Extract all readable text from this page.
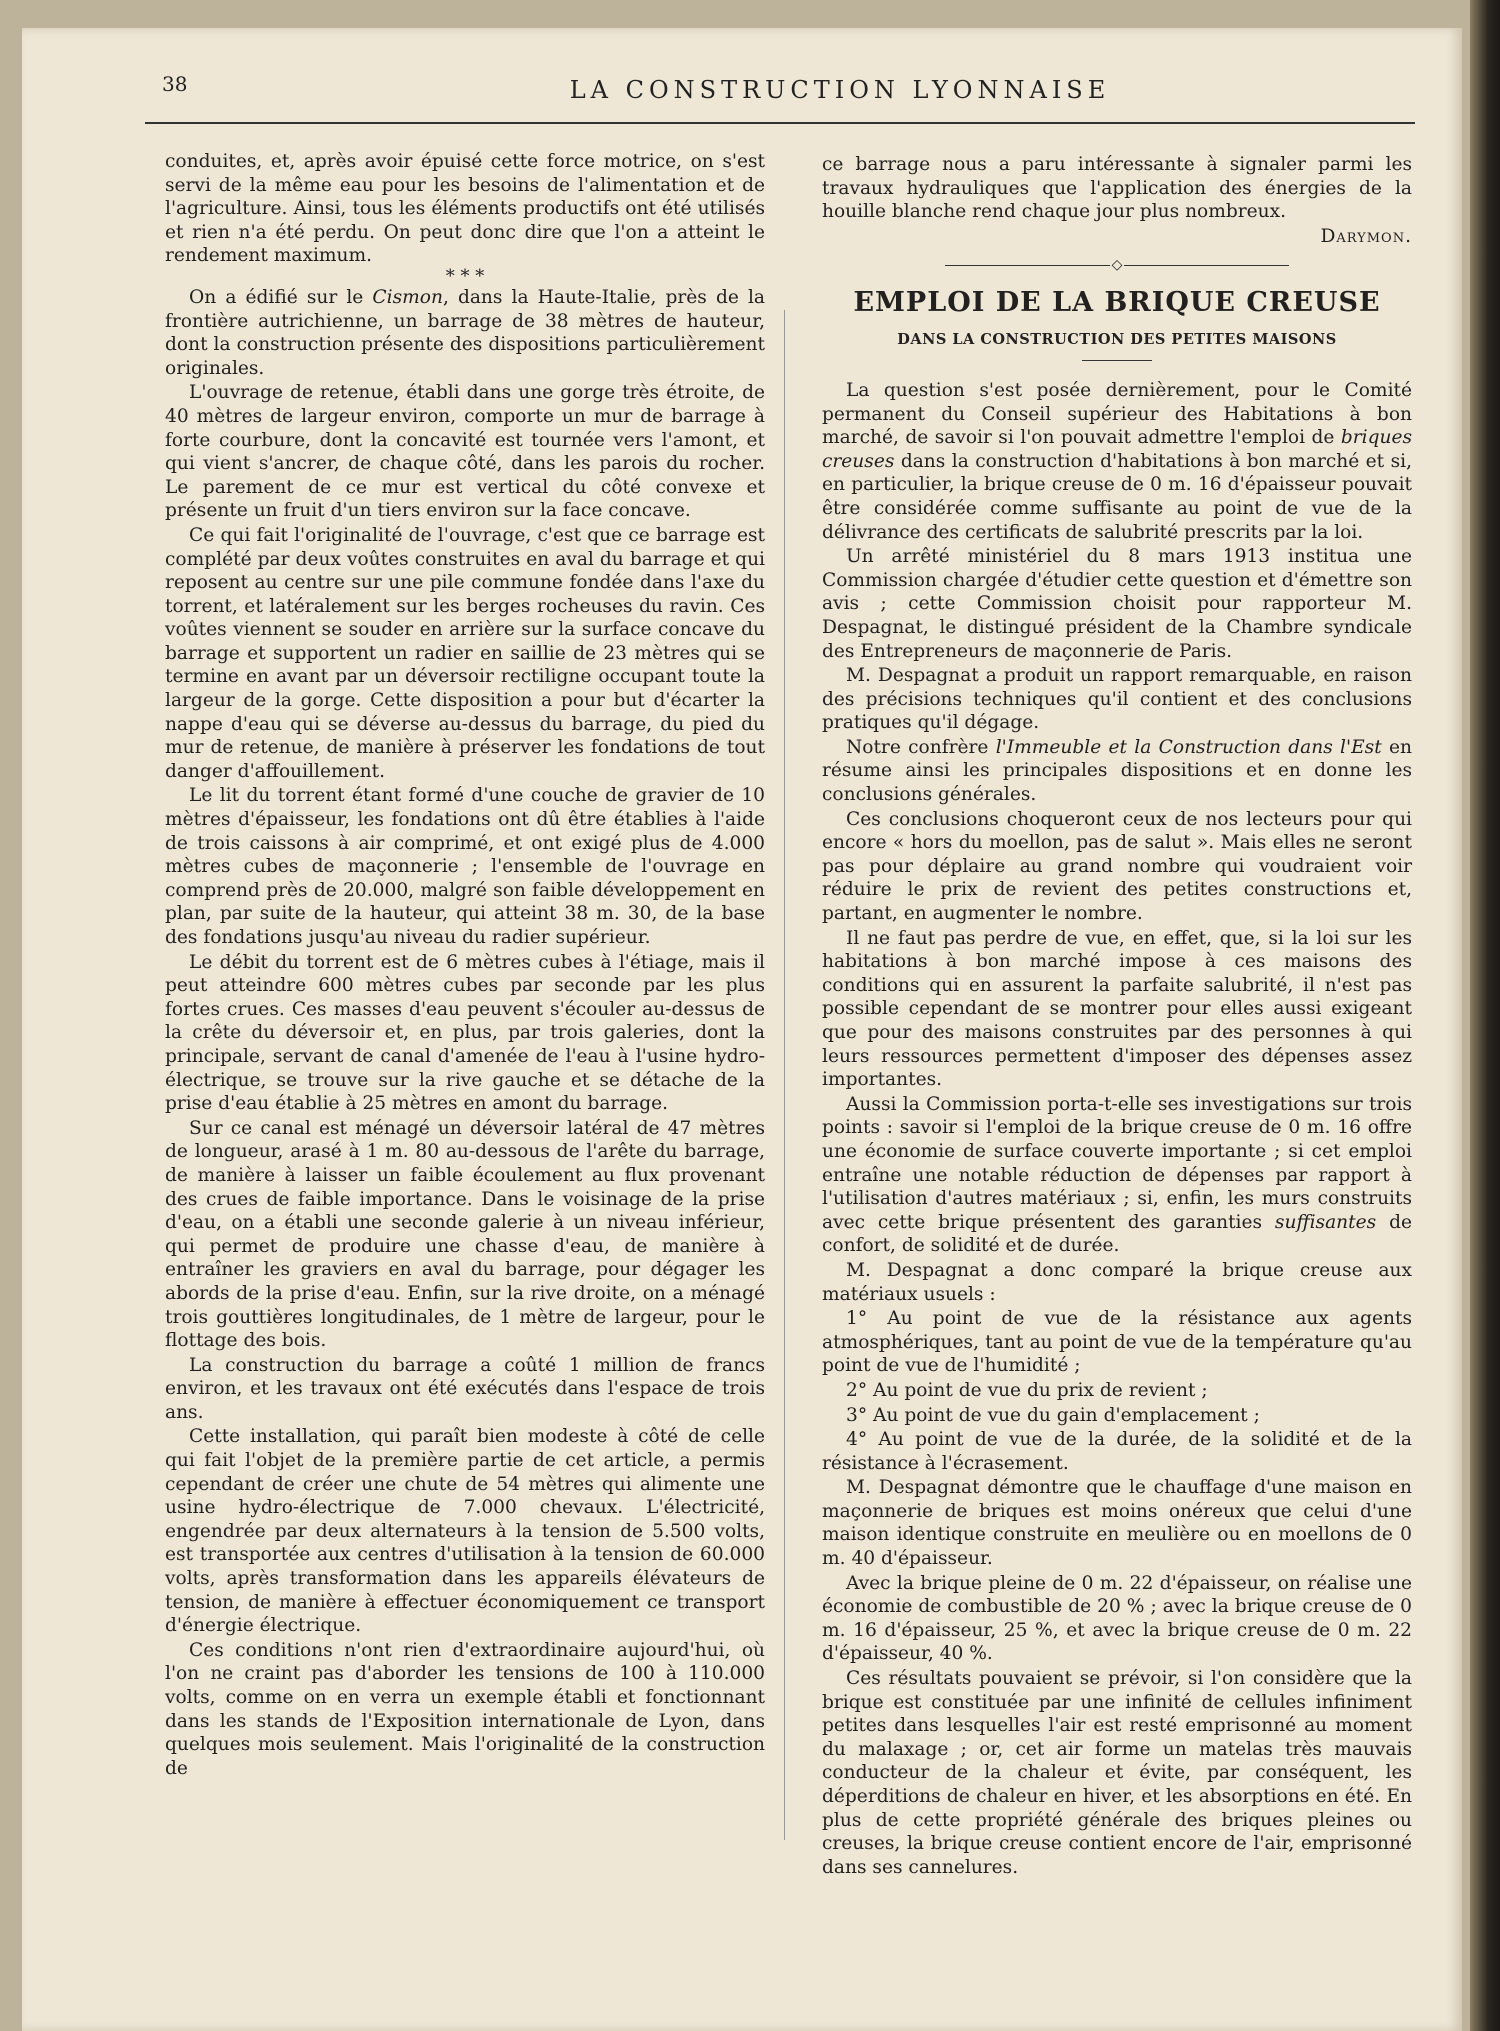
38	LA CONSTRUCTION LYONNAISE

conduites, et, après avoir épuisé cette force motrice, on s'est servi de la même eau pour les besoins de l'alimentation et de l'agriculture. Ainsi, tous les éléments productifs ont été utilisés et rien n'a été perdu. On peut donc dire que l'on a atteint le rendement maximum.

* * *

On a édifié sur le Cismon, dans la Haute-Italie, près de la frontière autrichienne, un barrage de 38 mètres de hauteur, dont la construction présente des dispositions particulièrement originales.

L'ouvrage de retenue, établi dans une gorge très étroite, de 40 mètres de largeur environ, comporte un mur de barrage à forte courbure, dont la concavité est tournée vers l'amont, et qui vient s'ancrer, de chaque côté, dans les parois du rocher. Le parement de ce mur est vertical du côté convexe et présente un fruit d'un tiers environ sur la face concave.

Ce qui fait l'originalité de l'ouvrage, c'est que ce barrage est complété par deux voûtes construites en aval du barrage et qui reposent au centre sur une pile commune fondée dans l'axe du torrent, et latéralement sur les berges rocheuses du ravin. Ces voûtes viennent se souder en arrière sur la surface concave du barrage et supportent un radier en saillie de 23 mètres qui se termine en avant par un déversoir rectiligne occupant toute la largeur de la gorge. Cette disposition a pour but d'écarter la nappe d'eau qui se déverse au-dessus du barrage, du pied du mur de retenue, de manière à préserver les fondations de tout danger d'affouillement.

Le lit du torrent étant formé d'une couche de gravier de 10 mètres d'épaisseur, les fondations ont dû être établies à l'aide de trois caissons à air comprimé, et ont exigé plus de 4.000 mètres cubes de maçonnerie ; l'ensemble de l'ouvrage en comprend près de 20.000, malgré son faible développement en plan, par suite de la hauteur, qui atteint 38 m. 30, de la base des fondations jusqu'au niveau du radier supérieur.

Le débit du torrent est de 6 mètres cubes à l'étiage, mais il peut atteindre 600 mètres cubes par seconde par les plus fortes crues. Ces masses d'eau peuvent s'écouler au-dessus de la crête du déversoir et, en plus, par trois galeries, dont la principale, servant de canal d'amenée de l'eau à l'usine hydro-électrique, se trouve sur la rive gauche et se détache de la prise d'eau établie à 25 mètres en amont du barrage.

Sur ce canal est ménagé un déversoir latéral de 47 mètres de longueur, arasé à 1 m. 80 au-dessous de l'arête du barrage, de manière à laisser un faible écoulement au flux provenant des crues de faible importance. Dans le voisinage de la prise d'eau, on a établi une seconde galerie à un niveau inférieur, qui permet de produire une chasse d'eau, de manière à entraîner les graviers en aval du barrage, pour dégager les abords de la prise d'eau. Enfin, sur la rive droite, on a ménagé trois gouttières longitudinales, de 1 mètre de largeur, pour le flottage des bois.

La construction du barrage a coûté 1 million de francs environ, et les travaux ont été exécutés dans l'espace de trois ans.

Cette installation, qui paraît bien modeste à côté de celle qui fait l'objet de la première partie de cet article, a permis cependant de créer une chute de 54 mètres qui alimente une usine hydro-électrique de 7.000 chevaux. L'électricité, engendrée par deux alternateurs à la tension de 5.500 volts, est transportée aux centres d'utilisation à la tension de 60.000 volts, après transformation dans les appareils élévateurs de tension, de manière à effectuer économiquement ce transport d'énergie électrique.

Ces conditions n'ont rien d'extraordinaire aujourd'hui, où l'on ne craint pas d'aborder les tensions de 100 à 110.000 volts, comme on en verra un exemple établi et fonctionnant dans les stands de l'Exposition internationale de Lyon, dans quelques mois seulement. Mais l'originalité de la construction de

ce barrage nous a paru intéressante à signaler parmi les travaux hydrauliques que l'application des énergies de la houille blanche rend chaque jour plus nombreux.

Darymon.

◇
EMPLOI DE LA BRIQUE CREUSE
DANS LA CONSTRUCTION DES PETITES MAISONS

La question s'est posée dernièrement, pour le Comité permanent du Conseil supérieur des Habitations à bon marché, de savoir si l'on pouvait admettre l'emploi de briques creuses dans la construction d'habitations à bon marché et si, en particulier, la brique creuse de 0 m. 16 d'épaisseur pouvait être considérée comme suffisante au point de vue de la délivrance des certificats de salubrité prescrits par la loi.

Un arrêté ministériel du 8 mars 1913 institua une Commission chargée d'étudier cette question et d'émettre son avis ; cette Commission choisit pour rapporteur M. Despagnat, le distingué président de la Chambre syndicale des Entrepreneurs de maçonnerie de Paris.

M. Despagnat a produit un rapport remarquable, en raison des précisions techniques qu'il contient et des conclusions pratiques qu'il dégage.

Notre confrère l'Immeuble et la Construction dans l'Est en résume ainsi les principales dispositions et en donne les conclusions générales.

Ces conclusions choqueront ceux de nos lecteurs pour qui encore « hors du moellon, pas de salut ». Mais elles ne seront pas pour déplaire au grand nombre qui voudraient voir réduire le prix de revient des petites constructions et, partant, en augmenter le nombre.

Il ne faut pas perdre de vue, en effet, que, si la loi sur les habitations à bon marché impose à ces maisons des conditions qui en assurent la parfaite salubrité, il n'est pas possible cependant de se montrer pour elles aussi exigeant que pour des maisons construites par des personnes à qui leurs ressources permettent d'imposer des dépenses assez importantes.

Aussi la Commission porta-t-elle ses investigations sur trois points : savoir si l'emploi de la brique creuse de 0 m. 16 offre une économie de surface couverte importante ; si cet emploi entraîne une notable réduction de dépenses par rapport à l'utilisation d'autres matériaux ; si, enfin, les murs construits avec cette brique présentent des garanties suffisantes de confort, de solidité et de durée.

M. Despagnat a donc comparé la brique creuse aux matériaux usuels :

1° Au point de vue de la résistance aux agents atmosphériques, tant au point de vue de la température qu'au point de vue de l'humidité ;

2° Au point de vue du prix de revient ;

3° Au point de vue du gain d'emplacement ;

4° Au point de vue de la durée, de la solidité et de la résistance à l'écrasement.

M. Despagnat démontre que le chauffage d'une maison en maçonnerie de briques est moins onéreux que celui d'une maison identique construite en meulière ou en moellons de 0 m. 40 d'épaisseur.

Avec la brique pleine de 0 m. 22 d'épaisseur, on réalise une économie de combustible de 20 % ; avec la brique creuse de 0 m. 16 d'épaisseur, 25 %, et avec la brique creuse de 0 m. 22 d'épaisseur, 40 %.

Ces résultats pouvaient se prévoir, si l'on considère que la brique est constituée par une infinité de cellules infiniment petites dans lesquelles l'air est resté emprisonné au moment du malaxage ; or, cet air forme un matelas très mauvais conducteur de la chaleur et évite, par conséquent, les déperditions de chaleur en hiver, et les absorptions en été. En plus de cette propriété générale des briques pleines ou creuses, la brique creuse contient encore de l'air, emprisonné dans ses cannelures.
